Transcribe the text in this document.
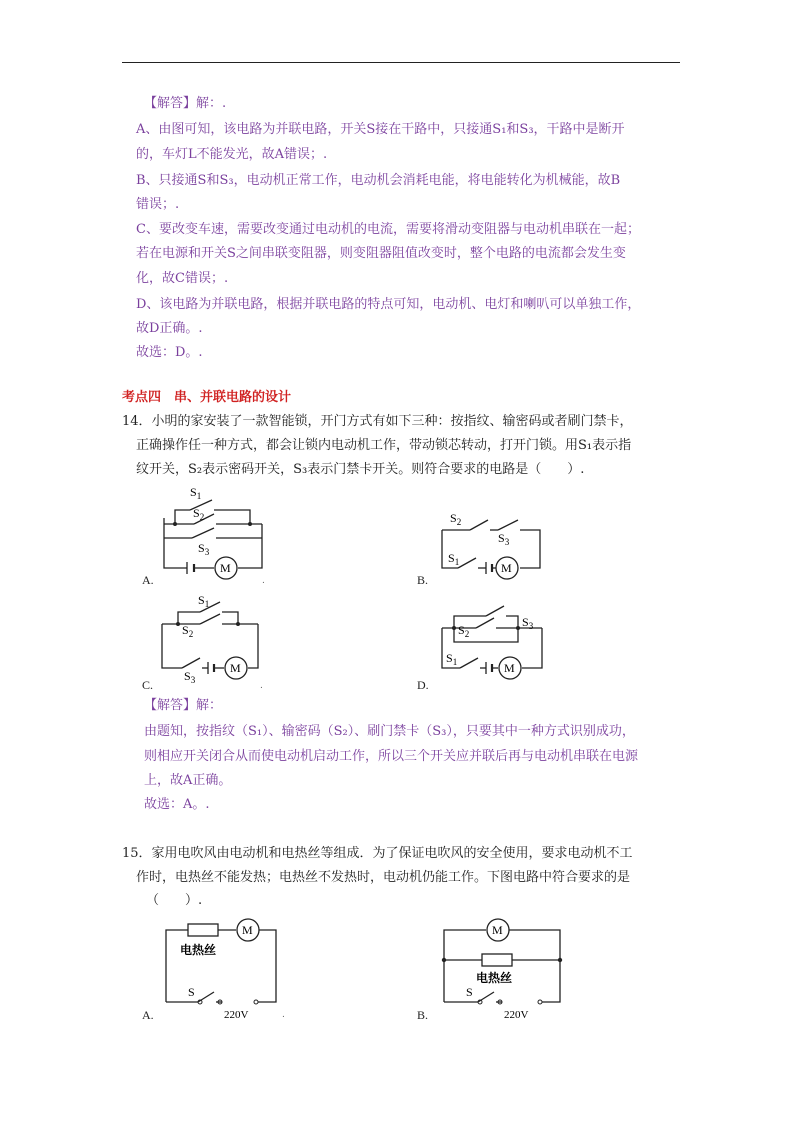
【解答】解：.
A、由图可知，该电路为并联电路，开关S接在干路中，只接通S₁和S₃，干路中是断开
的，车灯L不能发光，故A错误；.
B、只接通S和S₃，电动机正常工作，电动机会消耗电能，将电能转化为机械能，故B
错误；.
C、要改变车速，需要改变通过电动机的电流，需要将滑动变阻器与电动机串联在一起；
若在电源和开关S之间串联变阻器，则变阻器阻值改变时，整个电路的电流都会发生变
化，故C错误；.
D、该电路为并联电路，根据并联电路的特点可知，电动机、电灯和喇叭可以单独工作，
故D正确。.
故选：D。.
考点四　串、并联电路的设计
14．小明的家安装了一款智能锁，开门方式有如下三种：按指纹、输密码或者刷门禁卡，
正确操作任一种方式，都会让锁内电动机工作，带动锁芯转动，打开门锁。用S₁表示指
纹开关，S₂表示密码开关，S₃表示门禁卡开关。则符合要求的电路是（　　）.
$S_1$
$S_2$
$S_3$
M
A.	.
$S_2$
$S_3$
$S_1$	M
B.
$S_1$
$S_2$
$S_3$
M
C.	.
$S_2$
$S_3$
$S_1$	M
D.
【解答】解：
由题知，按指纹（S₁）、输密码（S₂）、刷门禁卡（S₃），只要其中一种方式识别成功，
则相应开关闭合从而使电动机启动工作，所以三个开关应并联后再与电动机串联在电源
上，故A正确。
故选：A。.
15．家用电吹风由电动机和电热丝等组成．为了保证电吹风的安全使用，要求电动机不工
作时，电热丝不能发热；电热丝不发热时，电动机仍能工作。下图电路中符合要求的是
（　　）.
电热丝
S
220V
M
A.	.
电热丝
S
220V
M
B.
